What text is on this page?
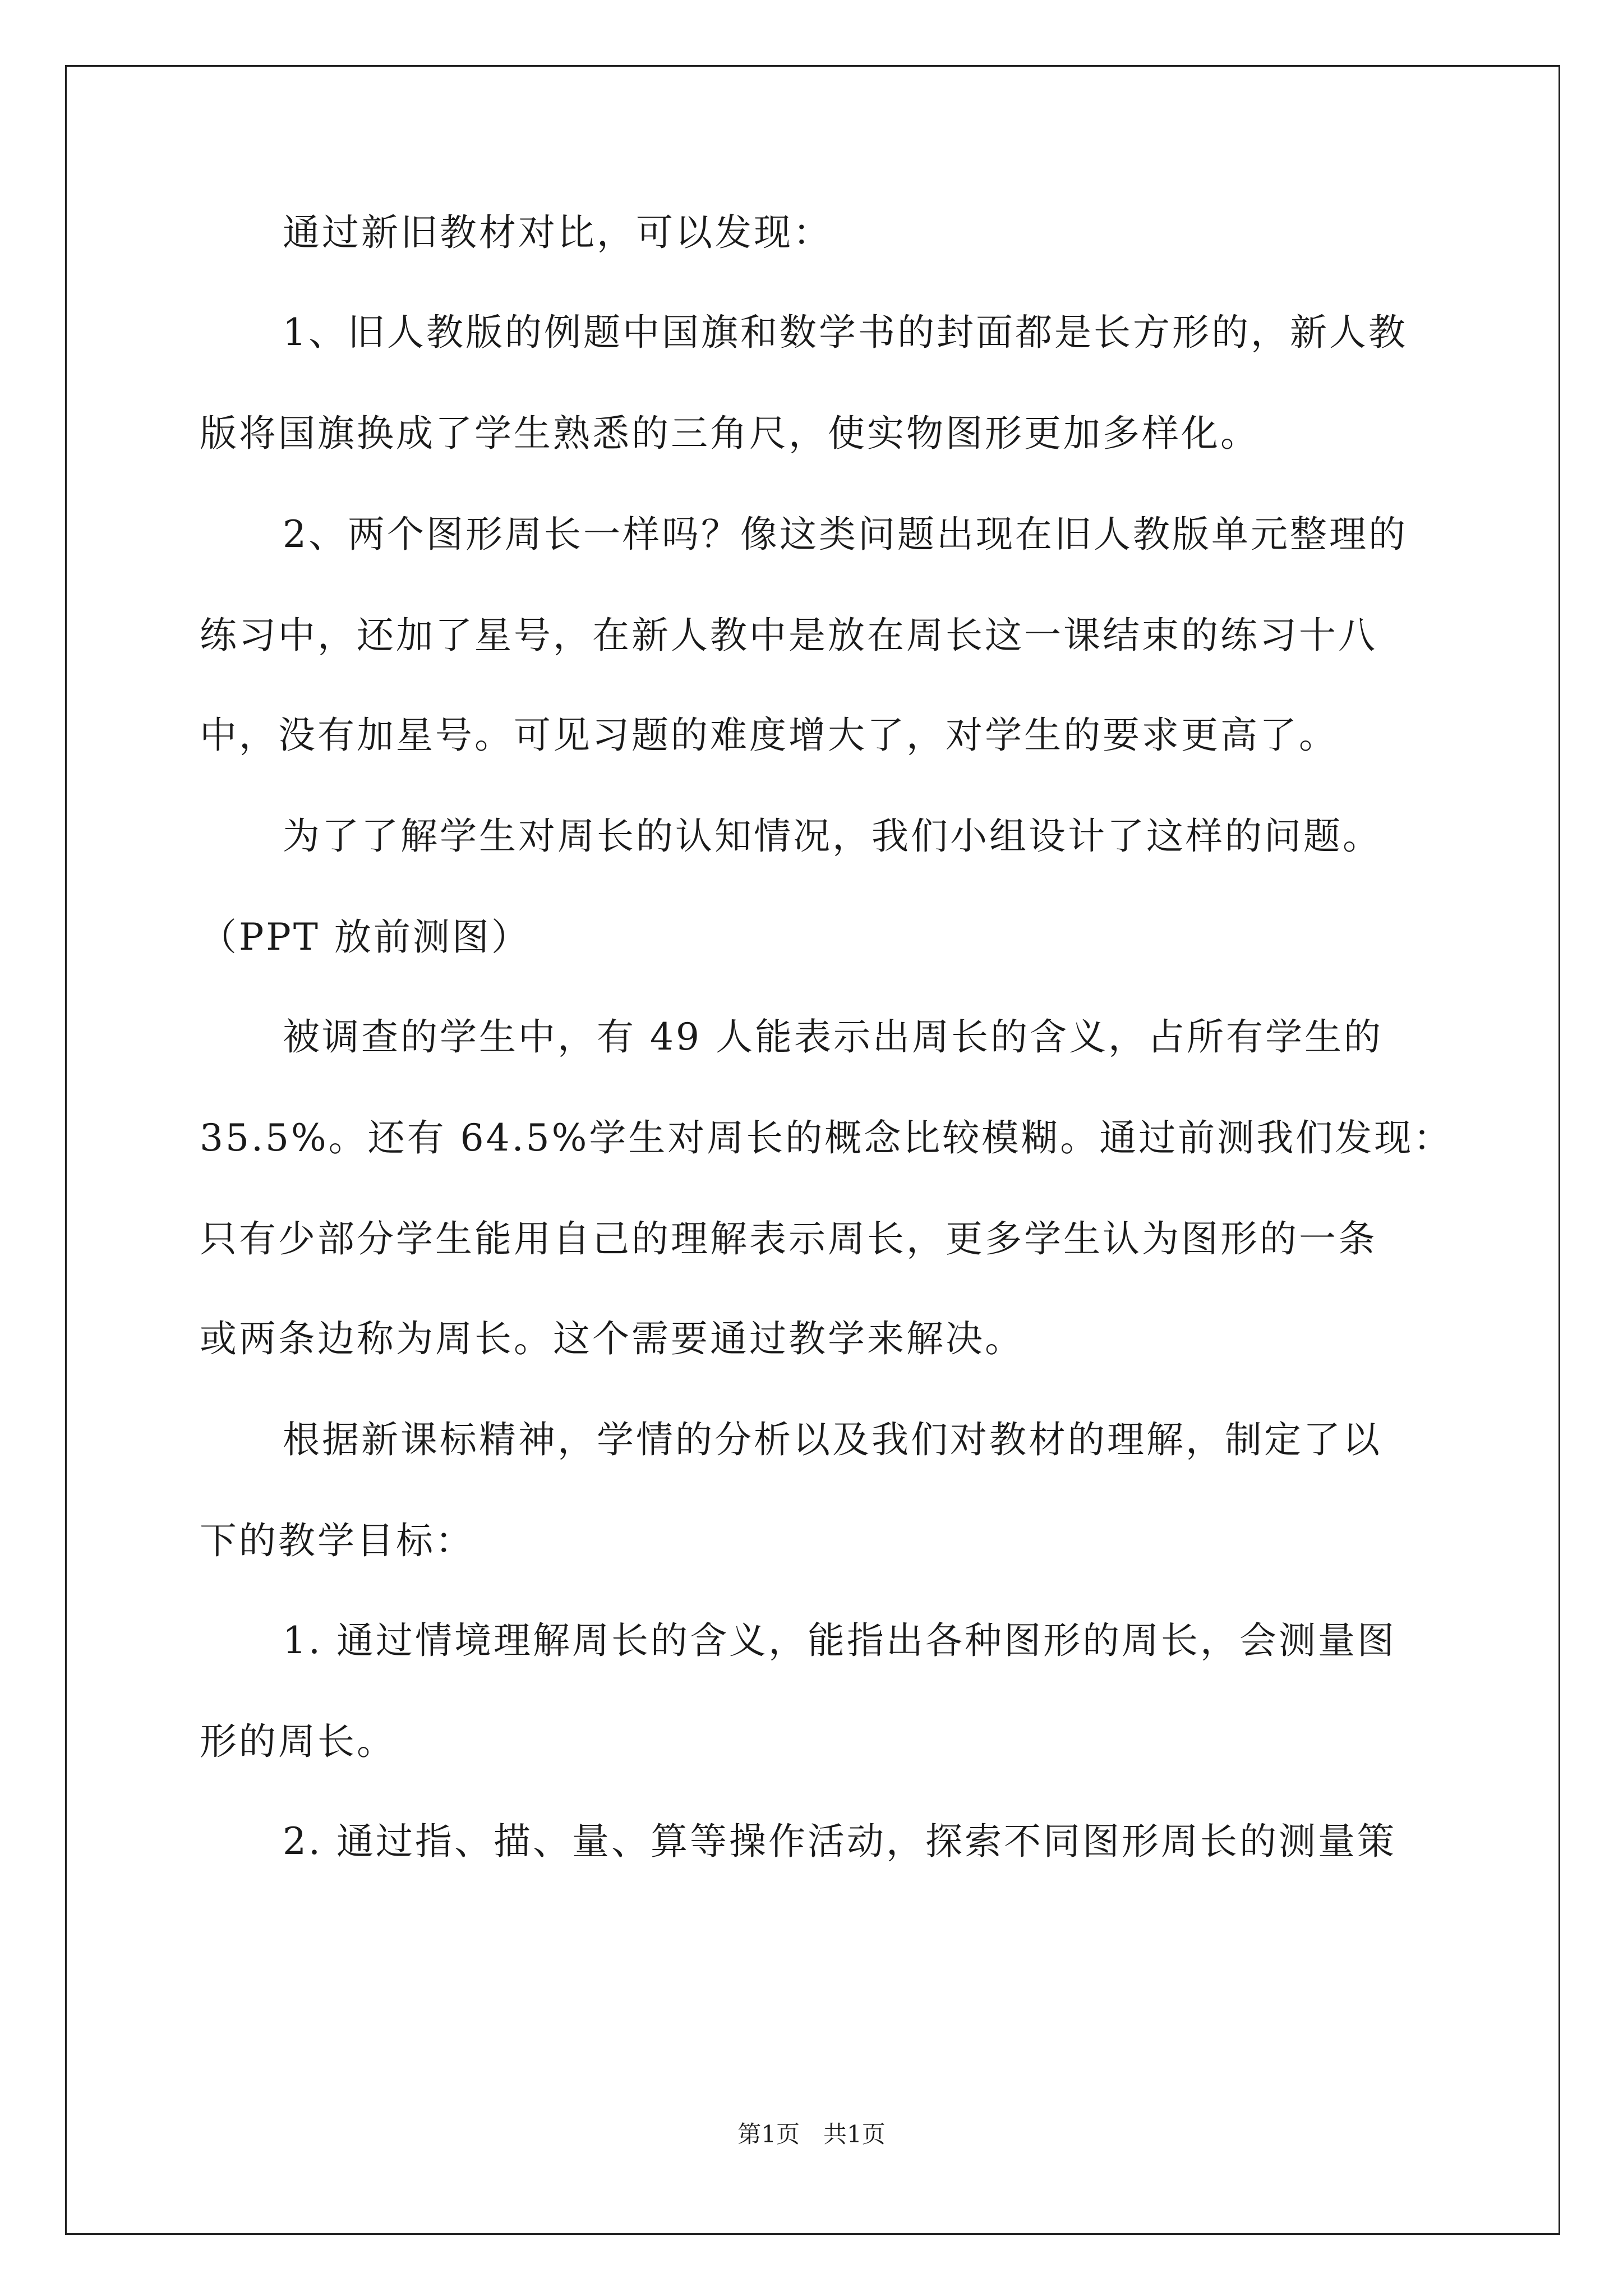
通过新旧教材对比，可以发现：
1、旧人教版的例题中国旗和数学书的封面都是长方形的，新人教
版将国旗换成了学生熟悉的三角尺，使实物图形更加多样化。
2、两个图形周长一样吗？像这类问题出现在旧人教版单元整理的
练习中，还加了星号，在新人教中是放在周长这一课结束的练习十八
中，没有加星号。可见习题的难度增大了，对学生的要求更高了。
为了了解学生对周长的认知情况，我们小组设计了这样的问题。
（PPT 放前测图）
被调查的学生中，有 49 人能表示出周长的含义，占所有学生的
35.5%。还有 64.5%学生对周长的概念比较模糊。通过前测我们发现：
只有少部分学生能用自己的理解表示周长，更多学生认为图形的一条
或两条边称为周长。这个需要通过教学来解决。
根据新课标精神，学情的分析以及我们对教材的理解，制定了以
下的教学目标：
1. 通过情境理解周长的含义，能指出各种图形的周长，会测量图
形的周长。
2. 通过指、描、量、算等操作活动，探索不同图形周长的测量策
第1页　共1页
